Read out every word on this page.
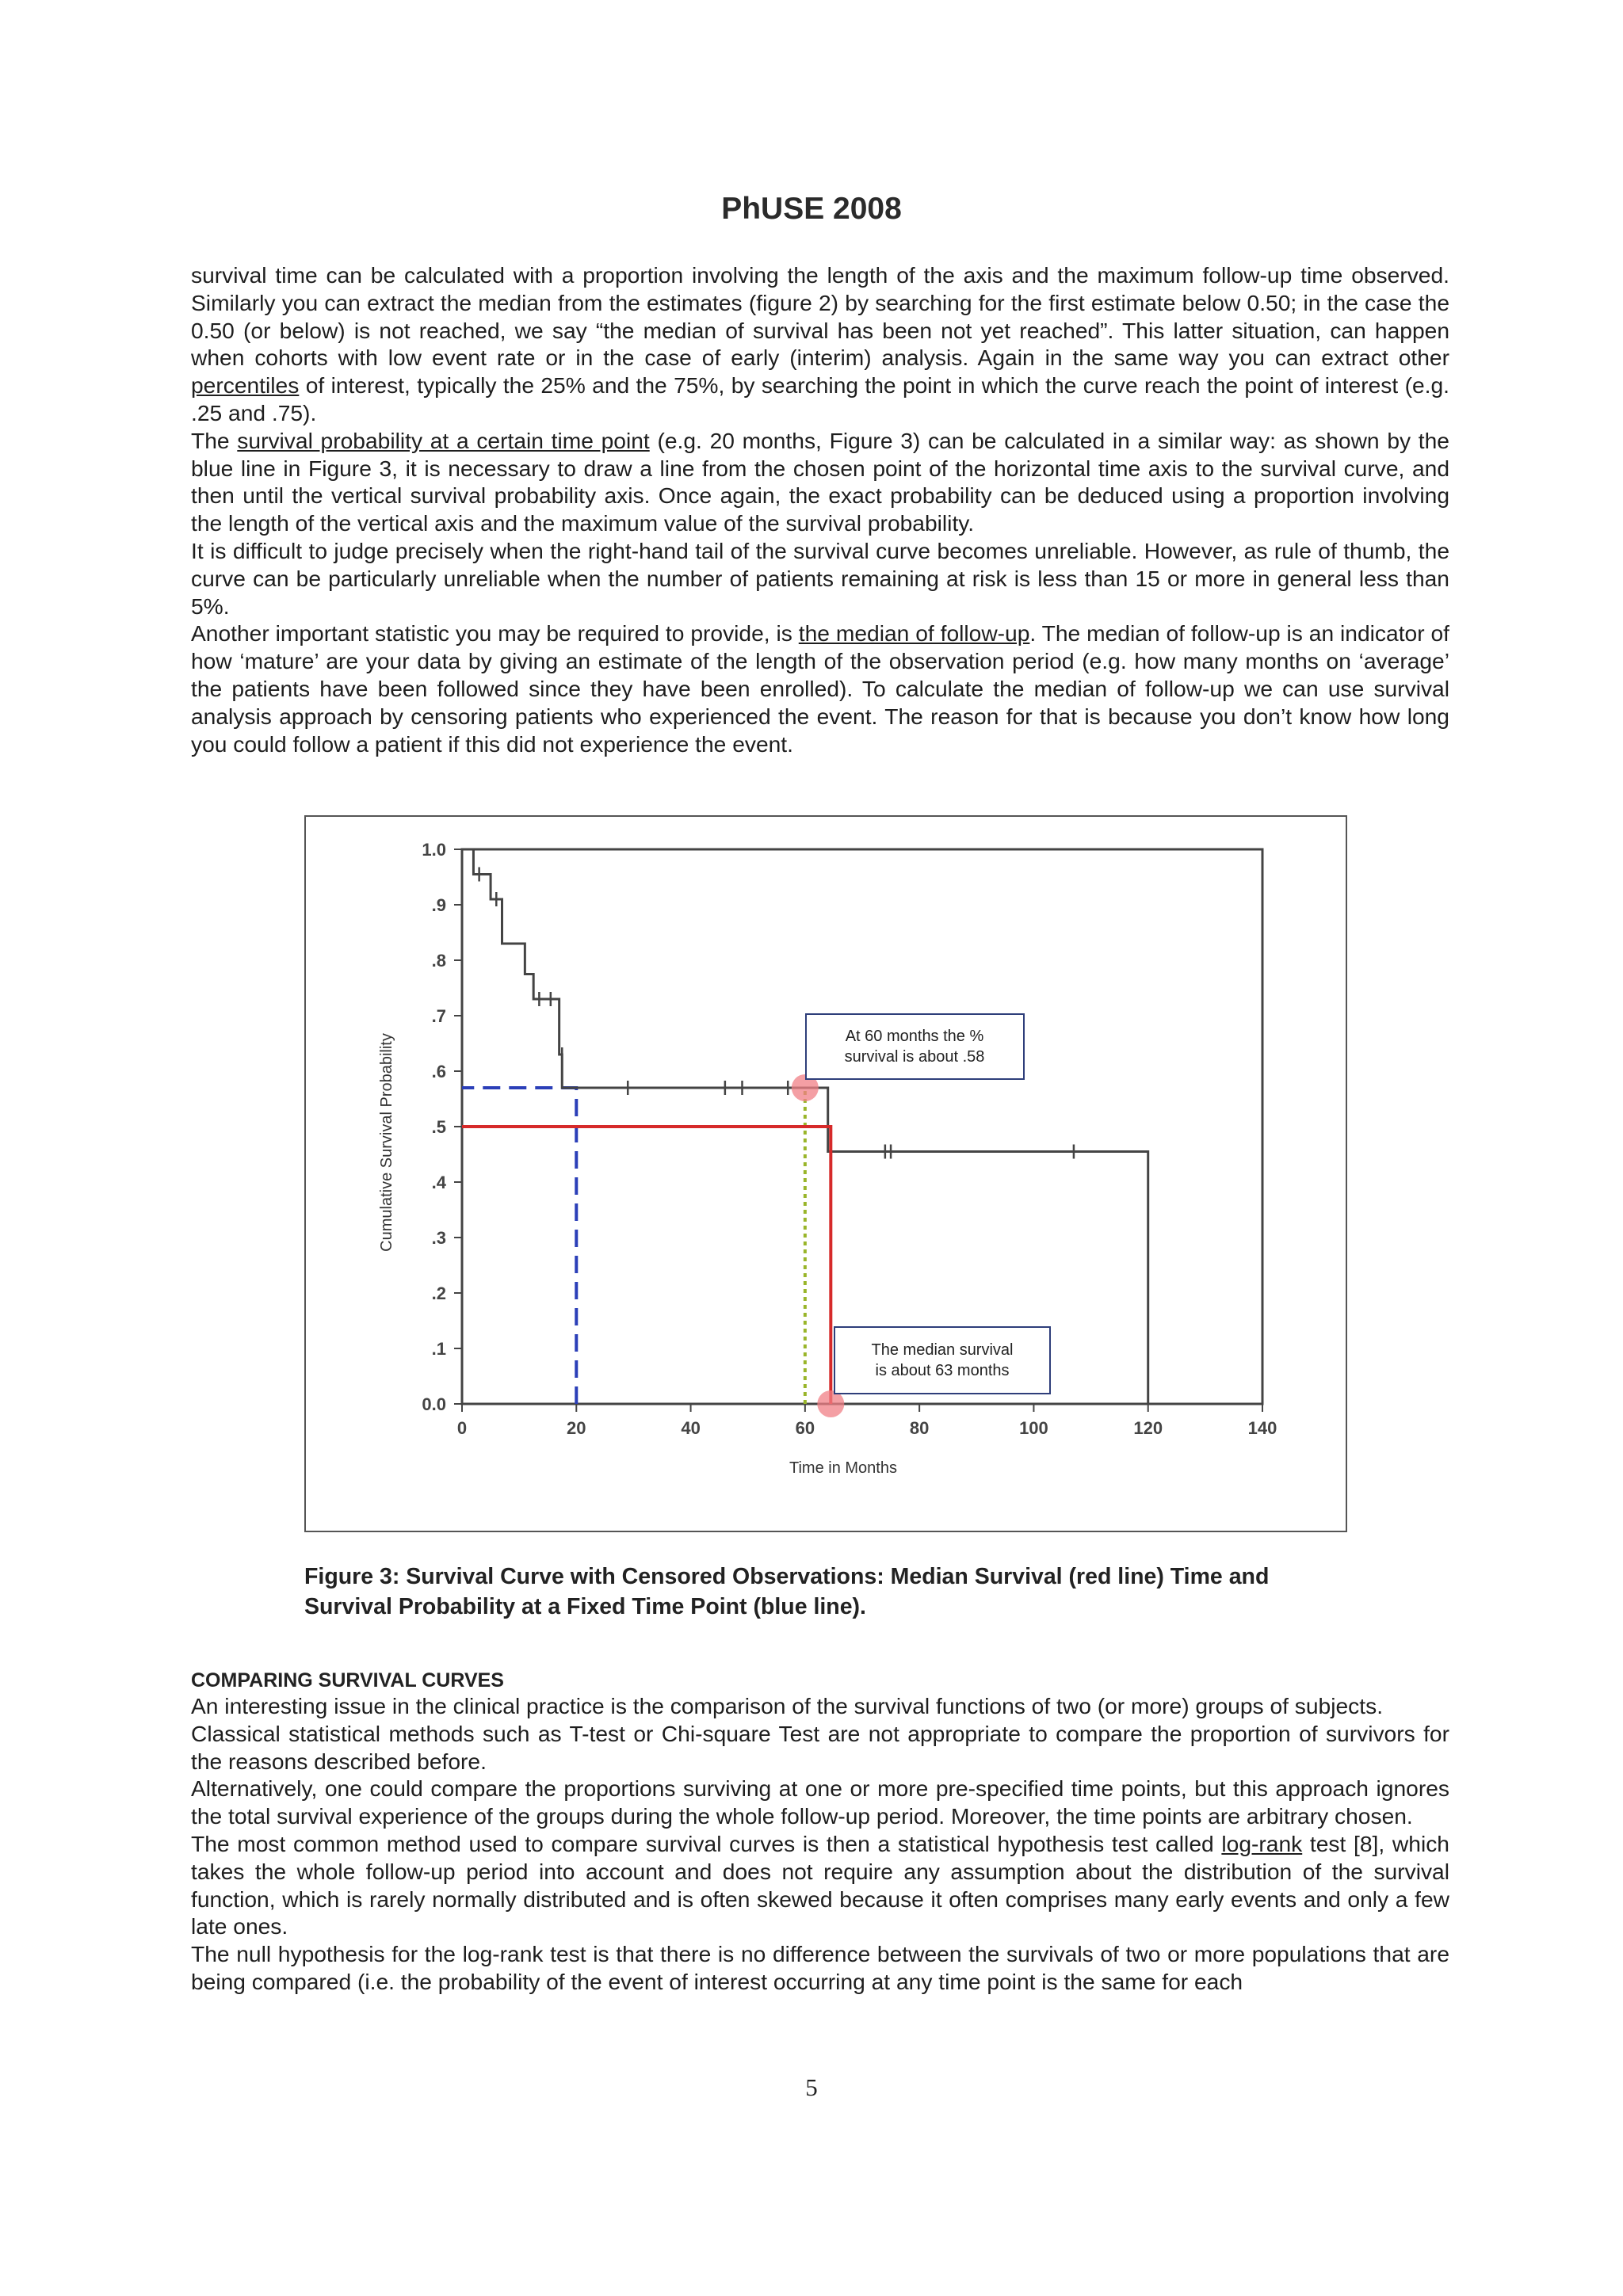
PhUSE 2008

survival time can be calculated with a proportion involving the length of the axis and the maximum follow-up time observed. Similarly you can extract the median from the estimates (figure 2) by searching for the first estimate below 0.50; in the case the 0.50 (or below) is not reached, we say “the median of survival has been not yet reached”. This latter situation, can happen when cohorts with low event rate or in the case of early (interim) analysis. Again in the same way you can extract other percentiles of interest, typically the 25% and the 75%, by searching the point in which the curve reach the point of interest (e.g. .25 and .75).

The survival probability at a certain time point (e.g. 20 months, Figure 3) can be calculated in a similar way: as shown by the blue line in Figure 3, it is necessary to draw a line from the chosen point of the horizontal time axis to the survival curve, and then until the vertical survival probability axis. Once again, the exact probability can be deduced using a proportion involving the length of the vertical axis and the maximum value of the survival probability.

It is difficult to judge precisely when the right-hand tail of the survival curve becomes unreliable. However, as rule of thumb, the curve can be particularly unreliable when the number of patients remaining at risk is less than 15 or more in general less than 5%.

Another important statistic you may be required to provide, is the median of follow-up. The median of follow-up is an indicator of how ‘mature’ are your data by giving an estimate of the length of the observation period (e.g. how many months on ‘average’ the patients have been followed since they have been enrolled). To calculate the median of follow-up we can use survival analysis approach by censoring patients who experienced the event. The reason for that is because you don’t know how long you could follow a patient if this did not experience the event.

0.0
.1
.2
.3
.4
.5
.6
.7
.8
.9
1.0
0	20	40	60	80	100	120	140
At 60 months the %
survival is about .58
The median survival
is about 63 months
Cumulative Survival Probability
Time in Months
Figure 3: Survival Curve with Censored Observations: Median Survival (red line) Time and
Survival Probability at a Fixed Time Point (blue line).
COMPARING SURVIVAL CURVES

An interesting issue in the clinical practice is the comparison of the survival functions of two (or more) groups of subjects.

Classical statistical methods such as T-test or Chi-square Test are not appropriate to compare the proportion of survivors for the reasons described before.

Alternatively, one could compare the proportions surviving at one or more pre-specified time points, but this approach ignores the total survival experience of the groups during the whole follow-up period. Moreover, the time points are arbitrary chosen.

The most common method used to compare survival curves is then a statistical hypothesis test called log-rank test [8], which takes the whole follow-up period into account and does not require any assumption about the distribution of the survival function, which is rarely normally distributed and is often skewed because it often comprises many early events and only a few late ones.

The null hypothesis for the log-rank test is that there is no difference between the survivals of two or more populations that are being compared (i.e. the probability of the event of interest occurring at any time point is the same for each

5
